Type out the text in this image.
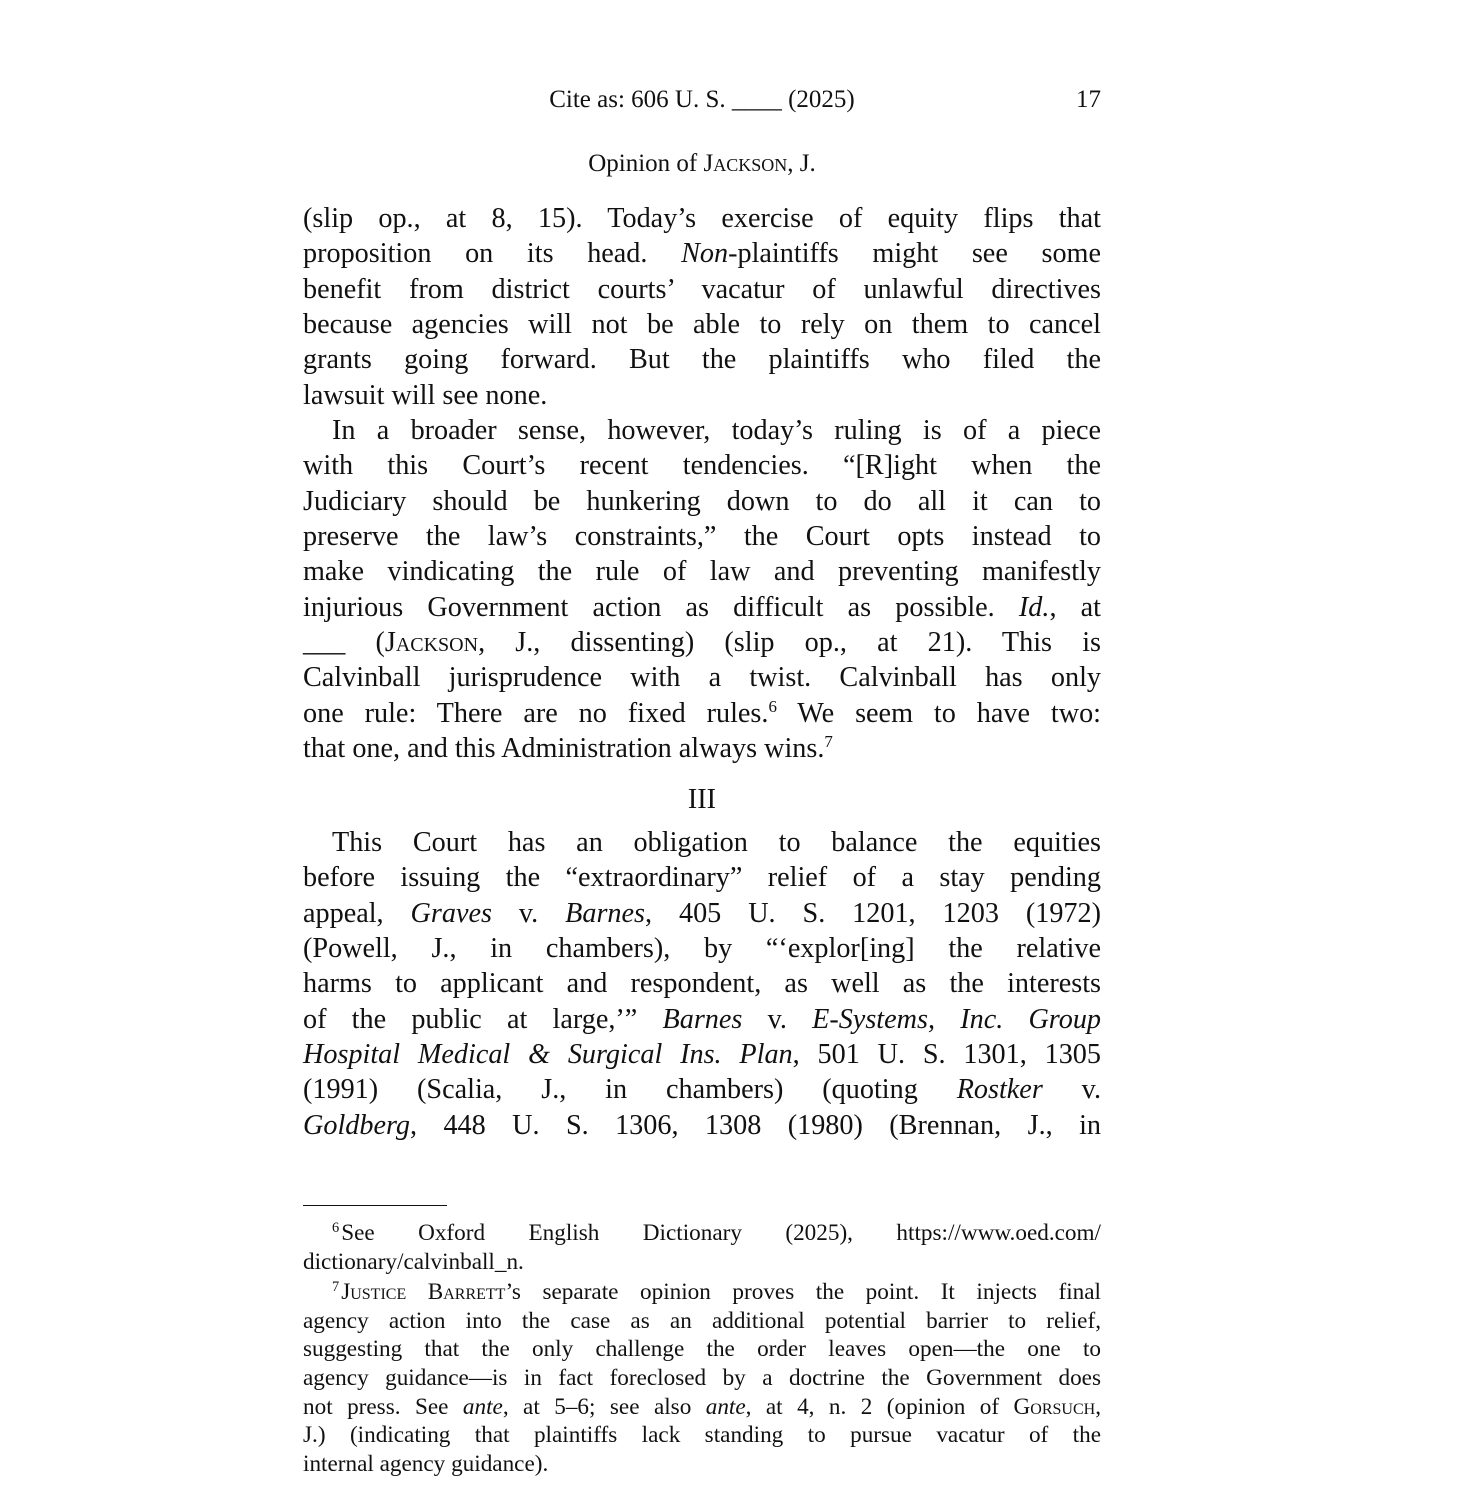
Cite as: 606 U. S. ____ (2025)	17
Opinion of Jackson, J.
(slip op., at 8, 15). Today’s exercise of equity flips that
proposition on its head. Non-plaintiffs might see some
benefit from district courts’ vacatur of unlawful directives
because agencies will not be able to rely on them to cancel
grants going forward. But the plaintiffs who filed the
lawsuit will see none.
In a broader sense, however, today’s ruling is of a piece
with this Court’s recent tendencies. “[R]ight when the
Judiciary should be hunkering down to do all it can to
preserve the law’s constraints,” the Court opts instead to
make vindicating the rule of law and preventing manifestly
injurious Government action as difficult as possible. Id., at
___ (Jackson, J., dissenting) (slip op., at 21). This is
Calvinball jurisprudence with a twist. Calvinball has only
one rule: There are no fixed rules.$^6$ We seem to have two:
that one, and this Administration always wins.$^7$
III
This Court has an obligation to balance the equities
before issuing the “extraordinary” relief of a stay pending
appeal, Graves v. Barnes, 405 U. S. 1201, 1203 (1972)
(Powell, J., in chambers), by “‘explor[ing] the relative
harms to applicant and respondent, as well as the interests
of the public at large,’” Barnes v. E-Systems, Inc. Group
Hospital Medical & Surgical Ins. Plan, 501 U. S. 1301, 1305
(1991) (Scalia, J., in chambers) (quoting Rostker v.
Goldberg, 448 U. S. 1306, 1308 (1980) (Brennan, J., in
$^6$See Oxford English Dictionary (2025), https://www.oed.com/
dictionary/calvinball_n.
$^7$Justice Barrett’s separate opinion proves the point. It injects final
agency action into the case as an additional potential barrier to relief,
suggesting that the only challenge the order leaves open—the one to
agency guidance—is in fact foreclosed by a doctrine the Government does
not press. See ante, at 5–6; see also ante, at 4, n. 2 (opinion of Gorsuch,
J.) (indicating that plaintiffs lack standing to pursue vacatur of the
internal agency guidance).
